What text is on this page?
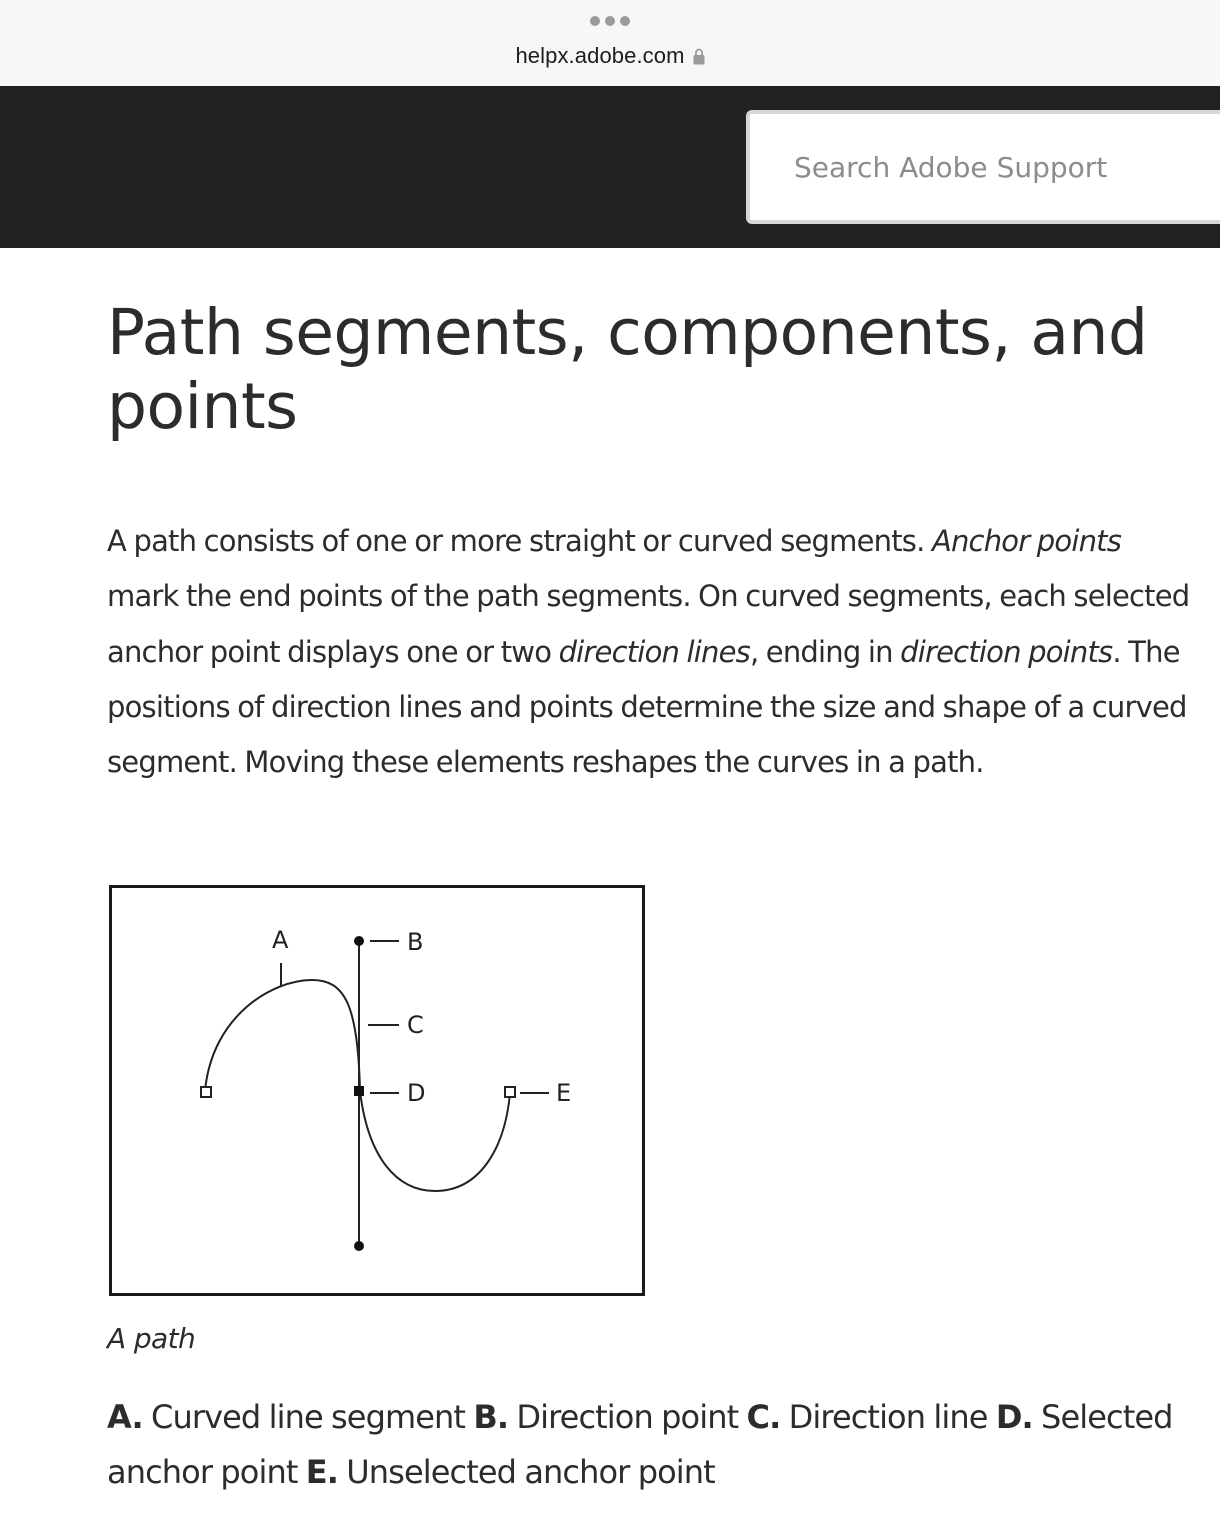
helpx.adobe.com
Search Adobe Support
Path segments, components, and points

A path consists of one or more straight or curved segments. Anchor points mark the end points of the path segments. On curved segments, each selected anchor point displays one or two direction lines, ending in direction points. The positions of direction lines and points determine the size and shape of a curved segment. Moving these elements reshapes the curves in a path.

A	B
C
D	E

A path

A. Curved line segment B. Direction point C. Direction line D. Selected anchor point E. Unselected anchor point
